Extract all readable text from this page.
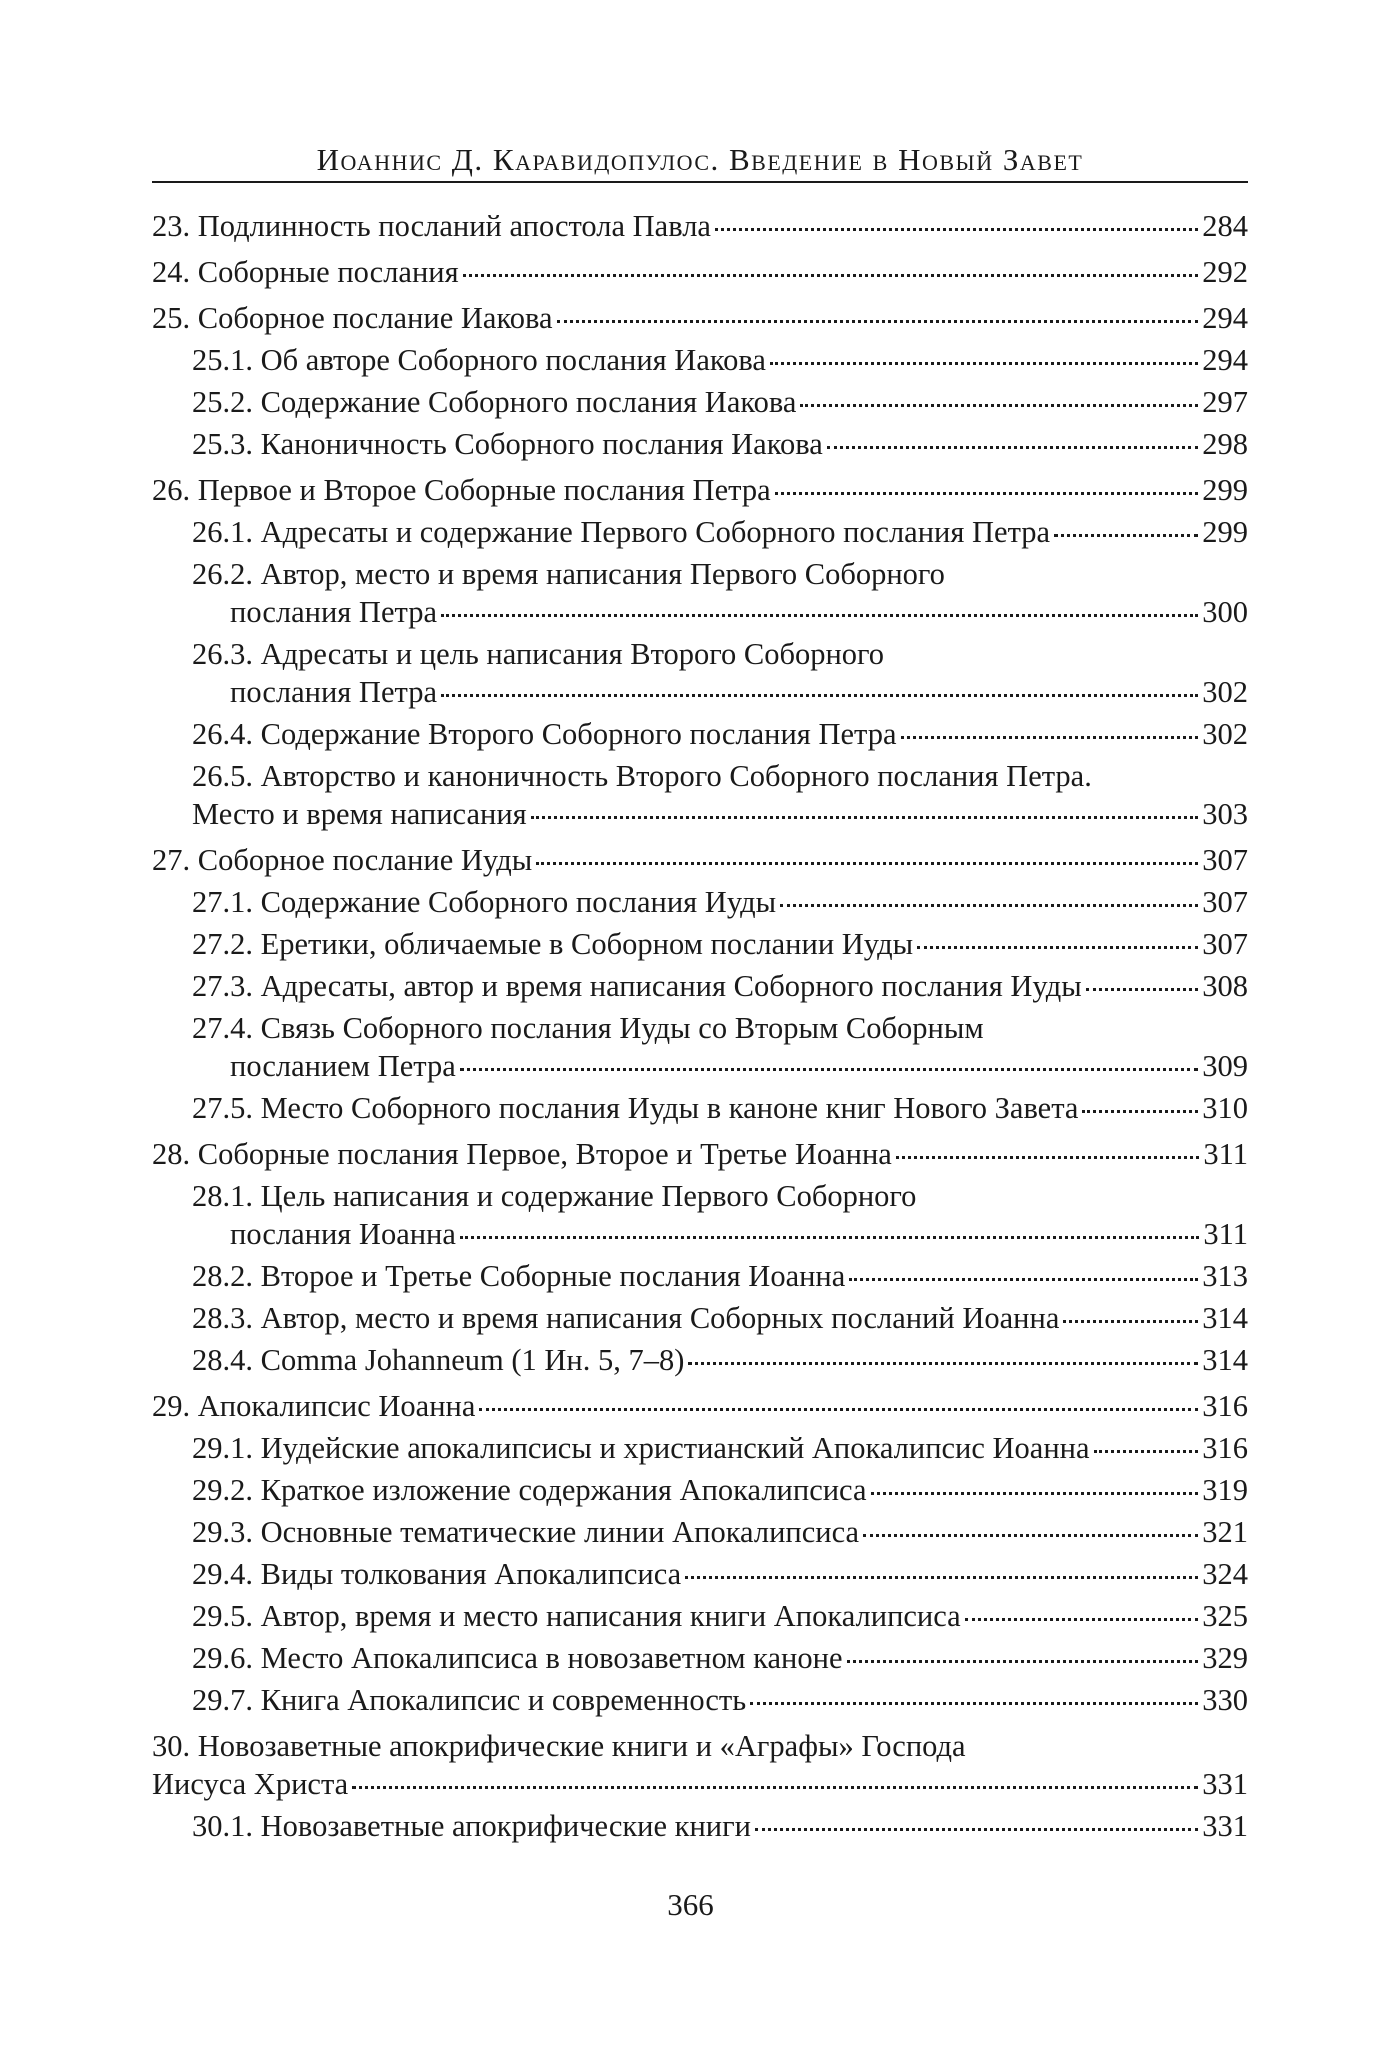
Иоаннис Д. Каравидопулос. Введение в Новый Завет
23. Подлинность посланий апостола Павла	284
24. Соборные послания	292
25. Соборное послание Иакова	294
25.1. Об авторе Соборного послания Иакова	294
25.2. Содержание Соборного послания Иакова	297
25.3. Каноничность Соборного послания Иакова	298
26. Первое и Второе Соборные послания Петра	299
26.1. Адресаты и содержание Первого Соборного послания Петра	299
26.2. Автор, место и время написания Первого Соборного
послания Петра	300
26.3. Адресаты и цель написания Второго Соборного
послания Петра	302
26.4. Содержание Второго Соборного послания Петра	302
26.5. Авторство и каноничность Второго Соборного послания Петра.
Место и время написания	303
27. Соборное послание Иуды	307
27.1. Содержание Соборного послания Иуды	307
27.2. Еретики, обличаемые в Соборном послании Иуды	307
27.3. Адресаты, автор и время написания Соборного послания Иуды	308
27.4. Связь Соборного послания Иуды со Вторым Соборным
посланием Петра	309
27.5. Место Соборного послания Иуды в каноне книг Нового Завета	310
28. Соборные послания Первое, Второе и Третье Иоанна	311
28.1. Цель написания и содержание Первого Соборного
послания Иоанна	311
28.2. Второе и Третье Соборные послания Иоанна	313
28.3. Автор, место и время написания Соборных посланий Иоанна	314
28.4. Comma Johanneum (1 Ин. 5, 7–8)	314
29. Апокалипсис Иоанна	316
29.1. Иудейские апокалипсисы и христианский Апокалипсис Иоанна	316
29.2. Краткое изложение содержания Апокалипсиса	319
29.3. Основные тематические линии Апокалипсиса	321
29.4. Виды толкования Апокалипсиса	324
29.5. Автор, время и место написания книги Апокалипсиса	325
29.6. Место Апокалипсиса в новозаветном каноне	329
29.7. Книга Апокалипсис и современность	330
30. Новозаветные апокрифические книги и «Аграфы» Господа
Иисуса Христа	331
30.1. Новозаветные апокрифические книги	331
366
